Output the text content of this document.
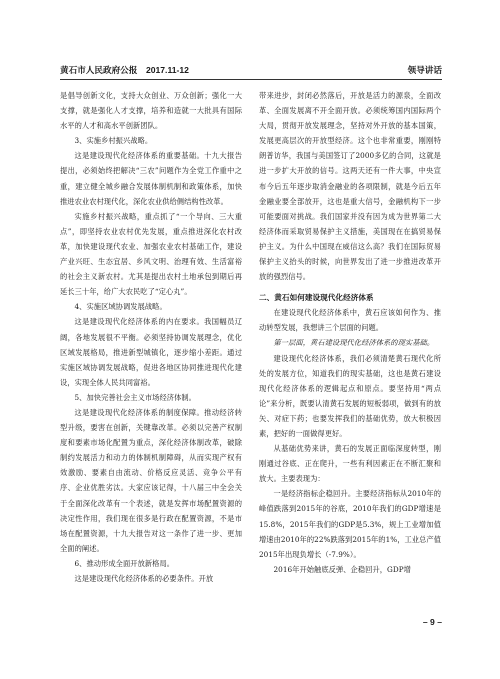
黄石市人民政府公报　2017.11-12	领导讲话
是倡导创新文化，支持大众创业、万众创新；强化一大支撑，就是强化人才支撑，培养和造就一大批具有国际水平的人才和高水平创新团队。
3、实施乡村振兴战略。
这是建设现代化经济体系的重要基础。十九大报告提出，必须始终把解决“三农”问题作为全党工作重中之重，建立健全城乡融合发展体制机制和政策体系，加快推进农业农村现代化，深化农业供给侧结构性改革。
实施乡村振兴战略，重点抓了“一个导向、三大重点”，即坚持农业农村优先发展，重点推进深化农村改革，加快建设现代农业、加强农业农村基础工作，建设产业兴旺、生态宜居、乡风文明、治理有效、生活富裕的社会主义新农村。尤其是提出农村土地承包到期后再延长三十年，给广大农民吃了“定心丸”。
4、实施区域协调发展战略。
这是建设现代化经济体系的内在要求。我国幅员辽阔，各地发展很不平衡。必须坚持协调发展理念，优化区域发展格局，推进新型城镇化，逐步缩小差距。通过实施区域协调发展战略，促进各地区协同推进现代化建设，实现全体人民共同富裕。
5、加快完善社会主义市场经济体制。
这是建设现代化经济体系的制度保障。推动经济转型升级，要害在创新，关键靠改革。必须以完善产权制度和要素市场化配置为重点，深化经济体制改革，破除制约发展活力和动力的体制机制障碍，从而实现产权有效激励、要素自由流动、价格反应灵活、竞争公平有序、企业优胜劣汰。大家应该记得，十八届三中全会关于全面深化改革有一个表述，就是发挥市场配置资源的决定性作用，我们现在很多是行政在配置资源，不是市场在配置资源，十九大报告对这一条作了进一步、更加全面的阐述。
6、推动形成全面开放新格局。
这是建设现代化经济体系的必要条件。开放
带来进步，封闭必然落后，开放是活力的源泉，全面改革、全面发展离不开全面开放。必须统筹国内国际两个大局，贯彻开放发展理念，坚持对外开放的基本国策，发展更高层次的开放型经济。这个也非常重要，刚刚特朗普访华，我国与美国签订了2000多亿的合同，这就是进一步扩大开放的信号。这两天还有一件大事，中央宣布今后五年逐步取消金融业的各项限制，就是今后五年金融业要全部放开，这也是重大信号，金融机构下一步可能要面对挑战。我们国家并没有因为成为世界第二大经济体而采取贸易保护主义措施，美国现在在搞贸易保护主义。为什么中国现在威信这么高？我们在国际贸易保护主义抬头的时候，向世界发出了进一步推进改革开放的强烈信号。
二、黄石如何建设现代化经济体系
在建设现代化经济体系中，黄石应该如何作为、推动转型发展，我想讲三个层面的问题。
第一层面，黄石建设现代化经济体系的现实基础。
建设现代化经济体系，我们必须清楚黄石现代化所处的发展方位，知道我们的现实基础，这也是黄石建设现代化经济体系的逻辑起点和原点。要坚持用“两点论”来分析，既要认清黄石发展的短板弱项，做到有的放矢、对症下药；也要发挥我们的基础优势，放大积极因素，把好的一面做得更好。
从基础优势来讲，黄石的发展正面临深度转型，刚刚通过谷底、正在爬升，一些有利因素正在不断汇聚和放大。主要表现为：
一是经济指标企稳回升。主要经济指标从2010年的峰值跌落到2015年的谷底，2010年我们的GDP增速是15.8%，2015年我们的GDP是5.3%，规上工业增加值增速由2010年的22%跌落到2015年的1%，工业总产值2015年出现负增长（-7.9%）。
2016年开始触底反弹、企稳回升，GDP增
– 9 –
